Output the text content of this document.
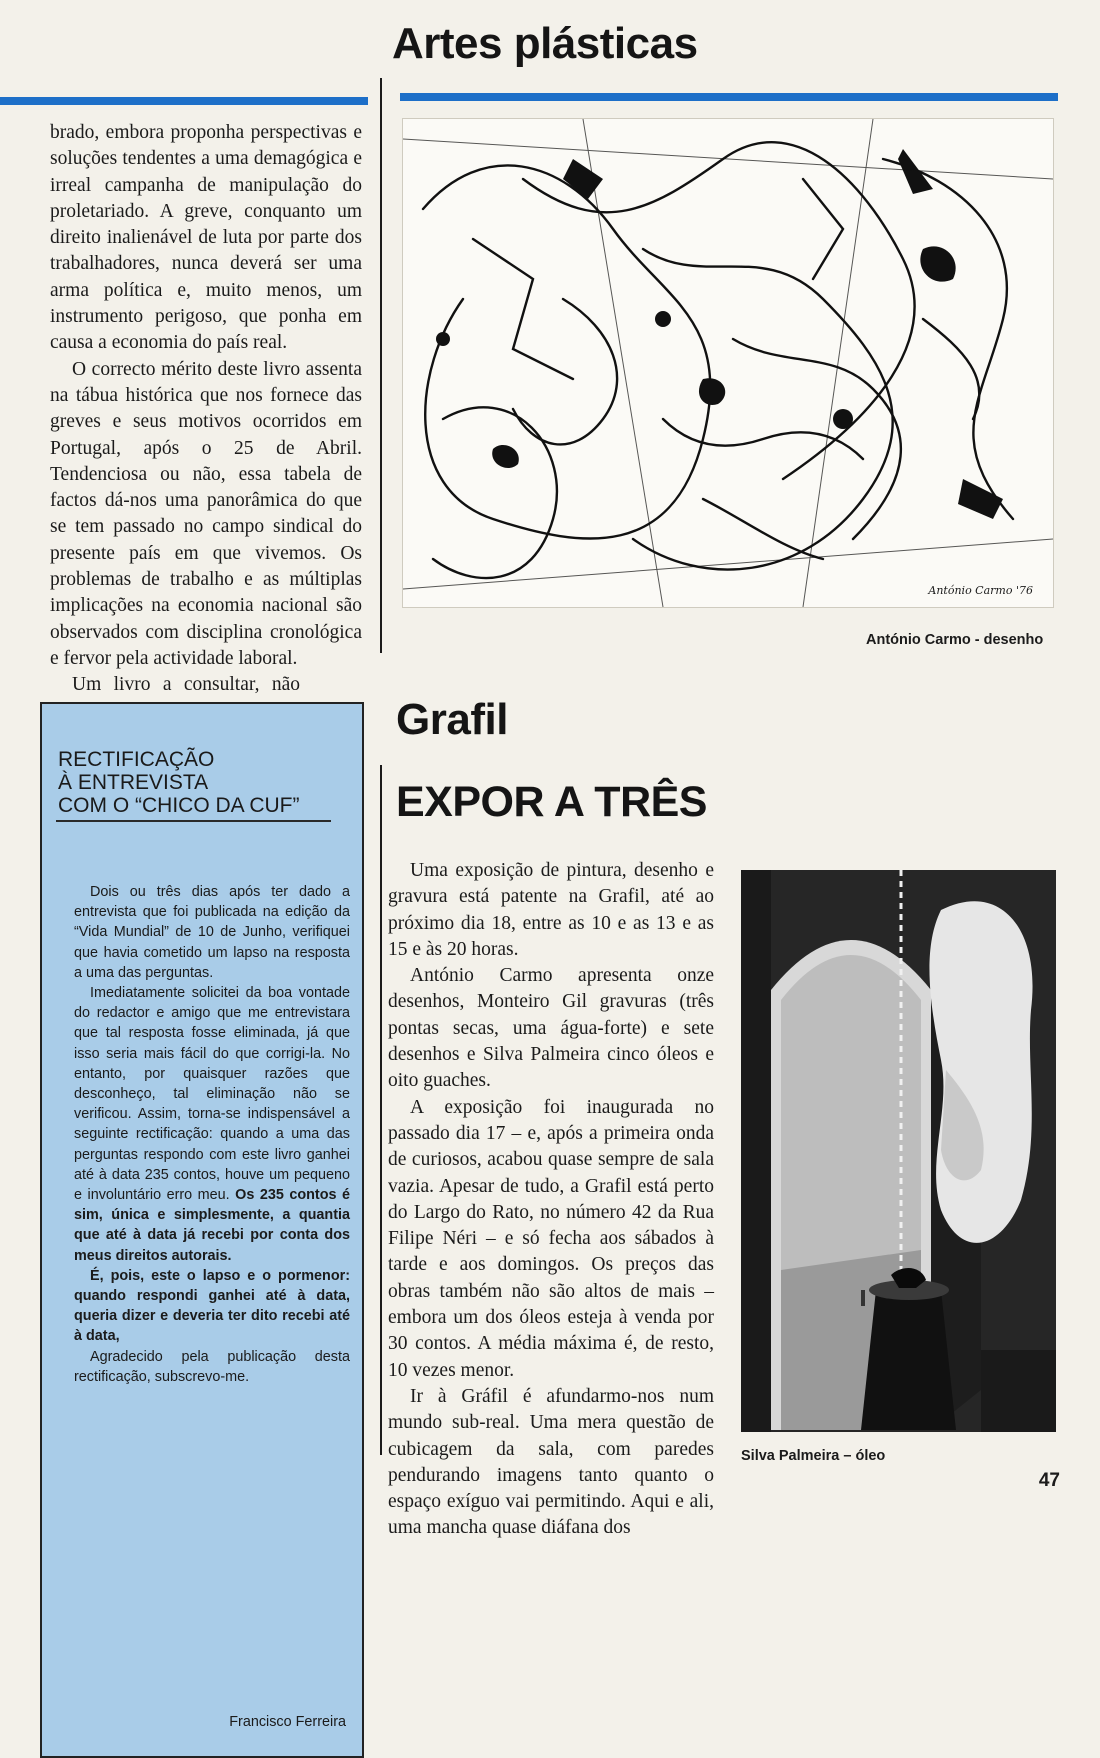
Artes plásticas

brado, embora proponha perspectivas e soluções tendentes a uma demagógica e irreal campanha de manipulação do proletariado. A greve, conquanto um direito inalienável de luta por parte dos trabalhadores, nunca deverá ser uma arma política e, muito menos, um instrumento perigoso, que ponha em causa a economia do país real.

O correcto mérito deste livro assenta na tábua histórica que nos fornece das greves e seus motivos ocorridos em Portugal, após o 25 de Abril. Tendenciosa ou não, essa tabela de factos dá-nos uma panorâmica do que se tem passado no campo sindical do presente país em que vivemos. Os problemas de trabalho e as múltiplas implicações na economia nacional são observados com disciplina cronológica e fervor pela actividade laboral.

Um livro a consultar, não
RECTIFICAÇÃO
À ENTREVISTA
COM O “CHICO DA CUF”

Dois ou três dias após ter dado a entrevista que foi publicada na edição da “Vida Mundial” de 10 de Junho, verifiquei que havia cometido um lapso na resposta a uma das perguntas.

Imediatamente solicitei da boa vontade do redactor e amigo que me entrevistara que tal resposta fosse eliminada, já que isso seria mais fácil do que corrigi-la. No entanto, por quaisquer razões que desconheço, tal eliminação não se verificou. Assim, torna-se indispensável a seguinte rectificação: quando a uma das perguntas respondo com este livro ganhei até à data 235 contos, houve um pequeno e involuntário erro meu. Os 235 contos é sim, única e simplesmente, a quantia que até à data já recebi por conta dos meus direitos autorais.

É, pois, este o lapso e o pormenor: quando respondi ganhei até à data, queria dizer e deveria ter dito recebi até à data,

Agradecido pela publicação desta rectificação, subscrevo-me.

Francisco Ferreira
António Carmo '76
António Carmo - desenho
Grafil
EXPOR A TRÊS

Uma exposição de pintura, desenho e gravura está patente na Grafil, até ao próximo dia 18, entre as 10 e as 13 e as 15 e às 20 horas.

António Carmo apresenta onze desenhos, Monteiro Gil gravuras (três pontas secas, uma água-forte) e sete desenhos e Silva Palmeira cinco óleos e oito guaches.

A exposição foi inaugurada no passado dia 17 – e, após a primeira onda de curiosos, acabou quase sempre de sala vazia. Apesar de tudo, a Grafil está perto do Largo do Rato, no número 42 da Rua Filipe Néri – e só fecha aos sábados à tarde e aos domingos. Os preços das obras também não são altos de mais – embora um dos óleos esteja à venda por 30 contos. A média máxima é, de resto, 10 vezes menor.

Ir à Gráfil é afundarmo-nos num mundo sub-real. Uma mera questão de cubicagem da sala, com paredes pendurando imagens tanto quanto o espaço exíguo vai permitindo. Aqui e ali, uma mancha quase diáfana dos

Silva Palmeira – óleo
47
